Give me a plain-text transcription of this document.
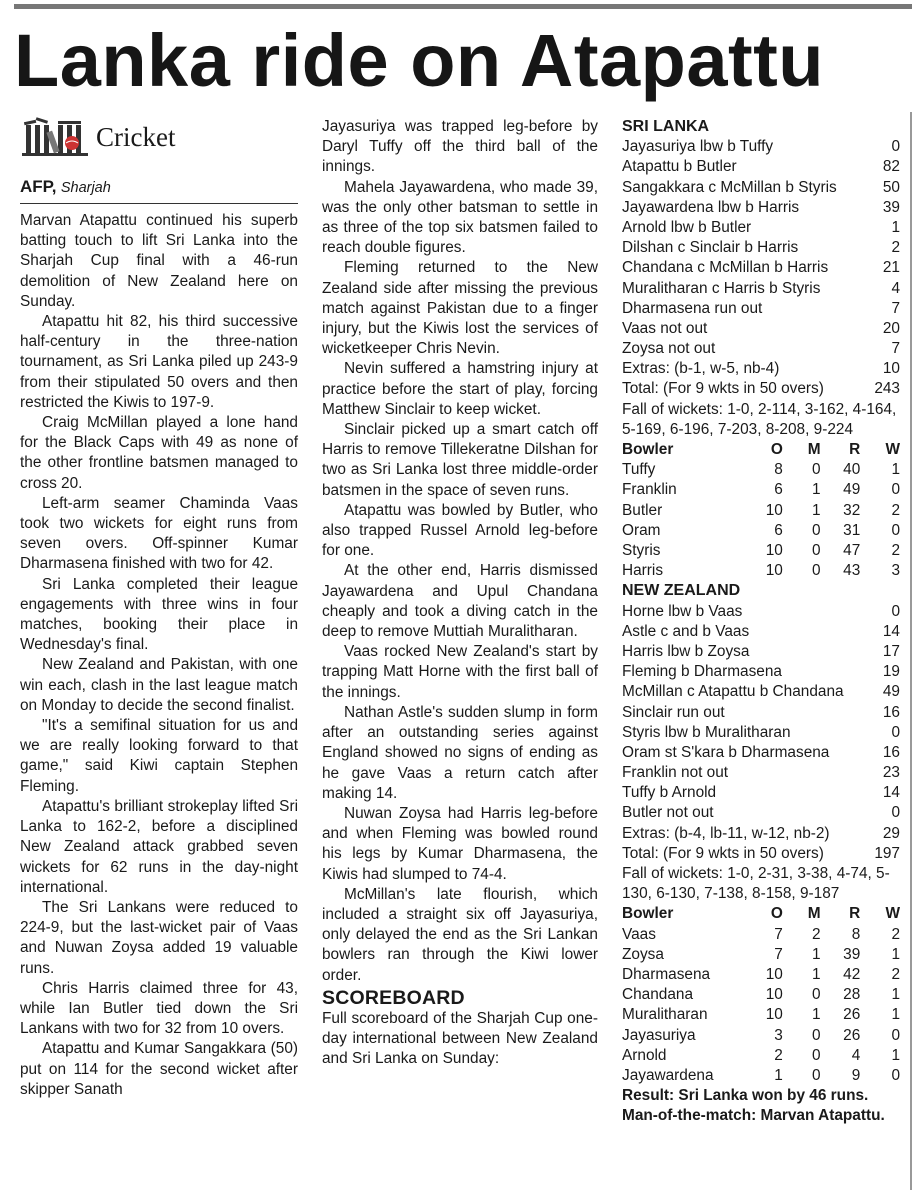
Lanka ride on Atapattu
Cricket
AFP, Sharjah

Marvan Atapattu continued his superb batting touch to lift Sri Lanka into the Sharjah Cup final with a 46-run demolition of New Zealand here on Sunday.

Atapattu hit 82, his third successive half-century in the three-nation tournament, as Sri Lanka piled up 243-9 from their stipulated 50 overs and then restricted the Kiwis to 197-9.

Craig McMillan played a lone hand for the Black Caps with 49 as none of the other frontline batsmen managed to cross 20.

Left-arm seamer Chaminda Vaas took two wickets for eight runs from seven overs. Off-spinner Kumar Dharmasena finished with two for 42.

Sri Lanka completed their league engagements with three wins in four matches, booking their place in Wednesday's final.

New Zealand and Pakistan, with one win each, clash in the last league match on Monday to decide the second finalist.

"It's a semifinal situation for us and we are really looking forward to that game," said Kiwi captain Stephen Fleming.

Atapattu's brilliant strokeplay lifted Sri Lanka to 162-2, before a disciplined New Zealand attack grabbed seven wickets for 62 runs in the day-night international.

The Sri Lankans were reduced to 224-9, but the last-wicket pair of Vaas and Nuwan Zoysa added 19 valuable runs.

Chris Harris claimed three for 43, while Ian Butler tied down the Sri Lankans with two for 32 from 10 overs.

Atapattu and Kumar Sangakkara (50) put on 114 for the second wicket after skipper Sanath

Jayasuriya was trapped leg-before by Daryl Tuffy off the third ball of the innings.

Mahela Jayawardena, who made 39, was the only other batsman to settle in as three of the top six batsmen failed to reach double figures.

Fleming returned to the New Zealand side after missing the previous match against Pakistan due to a finger injury, but the Kiwis lost the services of wicketkeeper Chris Nevin.

Nevin suffered a hamstring injury at practice before the start of play, forcing Matthew Sinclair to keep wicket.

Sinclair picked up a smart catch off Harris to remove Tillekeratne Dilshan for two as Sri Lanka lost three middle-order batsmen in the space of seven runs.

Atapattu was bowled by Butler, who also trapped Russel Arnold leg-before for one.

At the other end, Harris dismissed Jayawardena and Upul Chandana cheaply and took a diving catch in the deep to remove Muttiah Muralitharan.

Vaas rocked New Zealand's start by trapping Matt Horne with the first ball of the innings.

Nathan Astle's sudden slump in form after an outstanding series against England showed no signs of ending as he gave Vaas a return catch after making 14.

Nuwan Zoysa had Harris leg-before and when Fleming was bowled round his legs by Kumar Dharmasena, the Kiwis had slumped to 74-4.

McMillan's late flourish, which included a straight six off Jayasuriya, only delayed the end as the Sri Lankan bowlers ran through the Kiwi lower order.

SCOREBOARD

Full scoreboard of the Sharjah Cup one-day international between New Zealand and Sri Lanka on Sunday:

SRI LANKA
Jayasuriya lbw b Tuffy	0
Atapattu b Butler	82
Sangakkara c McMillan b Styris	50
Jayawardena lbw b Harris	39
Arnold lbw b Butler	1
Dilshan c Sinclair b Harris	2
Chandana c McMillan b Harris	21
Muralitharan c Harris b Styris	4
Dharmasena run out	7
Vaas not out	20
Zoysa not out	7
Extras: (b-1, w-5, nb-4)	10
Total: (For 9 wkts in 50 overs)	243
Fall of wickets: 1-0, 2-114, 3-162, 4-164, 5-169, 6-196, 7-203, 8-208, 9-224
Bowler	O	M	R	W
Tuffy	8	0	40	1
Franklin	6	1	49	0
Butler	10	1	32	2
Oram	6	0	31	0
Styris	10	0	47	2
Harris	10	0	43	3
NEW ZEALAND
Horne lbw b Vaas	0
Astle c and b Vaas	14
Harris lbw b Zoysa	17
Fleming b Dharmasena	19
McMillan c Atapattu b Chandana	49
Sinclair run out	16
Styris lbw b Muralitharan	0
Oram st S'kara b Dharmasena	16
Franklin not out	23
Tuffy b Arnold	14
Butler not out	0
Extras: (b-4, lb-11, w-12, nb-2)	29
Total: (For 9 wkts in 50 overs)	197
Fall of wickets: 1-0, 2-31, 3-38, 4-74, 5-130, 6-130, 7-138, 8-158, 9-187
Bowler	O	M	R	W
Vaas	7	2	8	2
Zoysa	7	1	39	1
Dharmasena	10	1	42	2
Chandana	10	0	28	1
Muralitharan	10	1	26	1
Jayasuriya	3	0	26	0
Arnold	2	0	4	1
Jayawardena	1	0	9	0
Result: Sri Lanka won by 46 runs.
Man-of-the-match: Marvan Atapattu.
